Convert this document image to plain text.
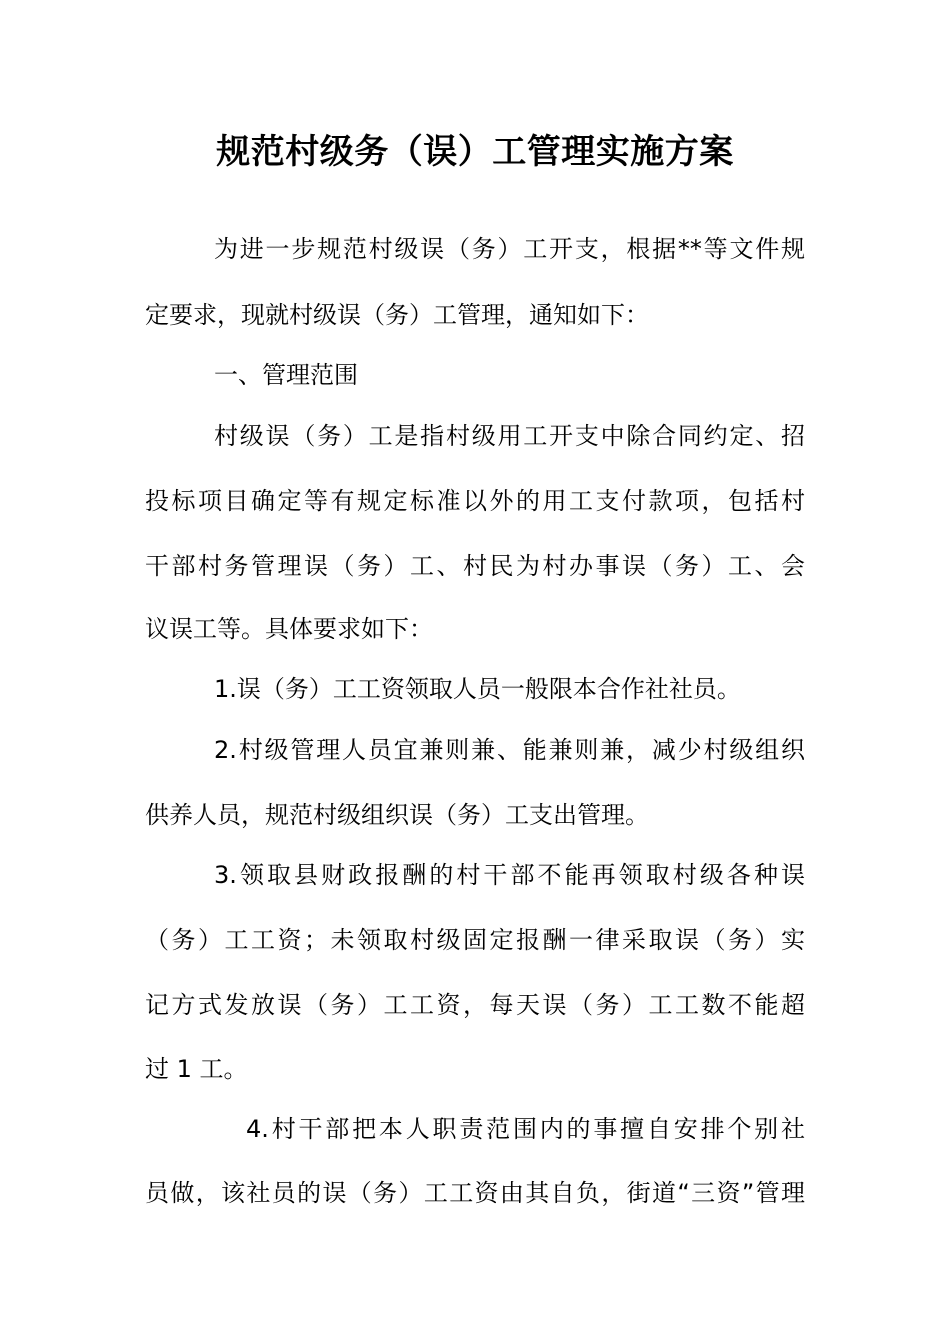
规范村级务（误）工管理实施方案
为进一步规范村级误（务）工开支，根据**等文件规
定要求，现就村级误（务）工管理，通知如下：
一、管理范围
村级误（务）工是指村级用工开支中除合同约定、招
投标项目确定等有规定标准以外的用工支付款项，包括村
干部村务管理误（务）工、村民为村办事误（务）工、会
议误工等。具体要求如下：
1.误（务）工工资领取人员一般限本合作社社员。
2.村级管理人员宜兼则兼、能兼则兼，减少村级组织
供养人员，规范村级组织误（务）工支出管理。
3.领取县财政报酬的村干部不能再领取村级各种误
（务）工工资；未领取村级固定报酬一律采取误（务）实
记方式发放误（务）工工资，每天误（务）工工数不能超
过 1 工。
4.村干部把本人职责范围内的事擅自安排个别社
员做，该社员的误（务）工工资由其自负，街道“三资”管理
